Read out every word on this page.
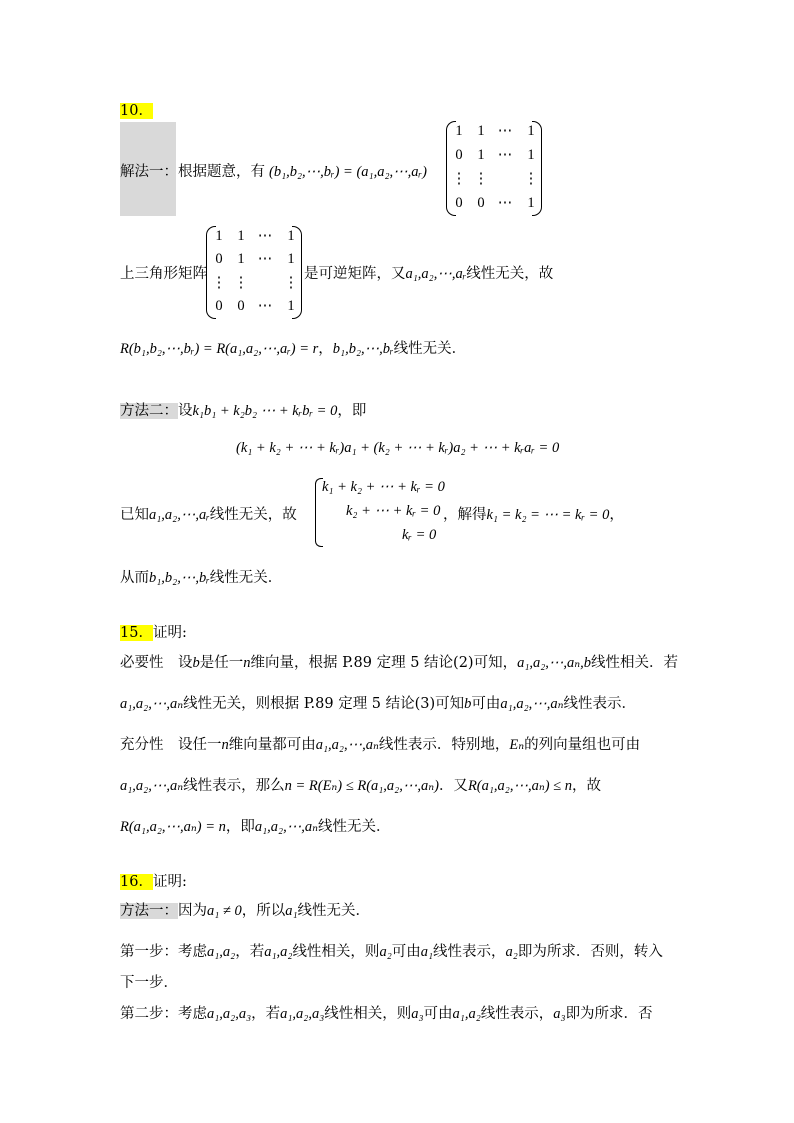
10．
解法一：根据题意，有 (b₁,b₂,⋯,bᵣ) = (a₁,a₂,⋯,aᵣ)
1	1 ⋯	1
0	1 ⋯	1
⋮ ⋮ ⋮
0	0 ⋯	1
上三角形矩阵
1	1 ⋯	1
0	1 ⋯	1
⋮ ⋮ ⋮
0	0 ⋯	1
是可逆矩阵，又a₁,a₂,⋯,aᵣ线性无关，故
R(b₁,b₂,⋯,bᵣ) = R(a₁,a₂,⋯,aᵣ) = r，b₁,b₂,⋯,bᵣ线性无关．
方法二：设k₁b₁ + k₂b₂ ⋯ + kᵣbᵣ = 0，即
(k₁ + k₂ + ⋯ + kᵣ)a₁ + (k₂ + ⋯ + kᵣ)a₂ + ⋯ + kᵣaᵣ = 0
已知a₁,a₂,⋯,aᵣ线性无关，故
k₁ + k₂ + ⋯ + kᵣ = 0
k₂ + ⋯ + kᵣ = 0
kᵣ = 0
，解得k₁ = k₂ = ⋯ = kᵣ = 0，
从而b₁,b₂,⋯,bᵣ线性无关．
15．证明:
必要性　设b是任一n维向量，根据 P.89 定理 5 结论(2)可知，a₁,a₂,⋯,aₙ,b线性相关．若
a₁,a₂,⋯,aₙ线性无关，则根据 P.89 定理 5 结论(3)可知b可由a₁,a₂,⋯,aₙ线性表示．
充分性　设任一n维向量都可由a₁,a₂,⋯,aₙ线性表示．特别地，Eₙ的列向量组也可由
a₁,a₂,⋯,aₙ线性表示，那么n = R(Eₙ) ≤ R(a₁,a₂,⋯,aₙ)．又R(a₁,a₂,⋯,aₙ) ≤ n，故
R(a₁,a₂,⋯,aₙ) = n，即a₁,a₂,⋯,aₙ线性无关．
16．证明:
方法一：因为a₁ ≠ 0，所以a₁线性无关．
第一步：考虑a₁,a₂，若a₁,a₂线性相关，则a₂可由a₁线性表示，a₂即为所求．否则，转入
下一步．
第二步：考虑a₁,a₂,a₃，若a₁,a₂,a₃线性相关，则a₃可由a₁,a₂线性表示，a₃即为所求．否
